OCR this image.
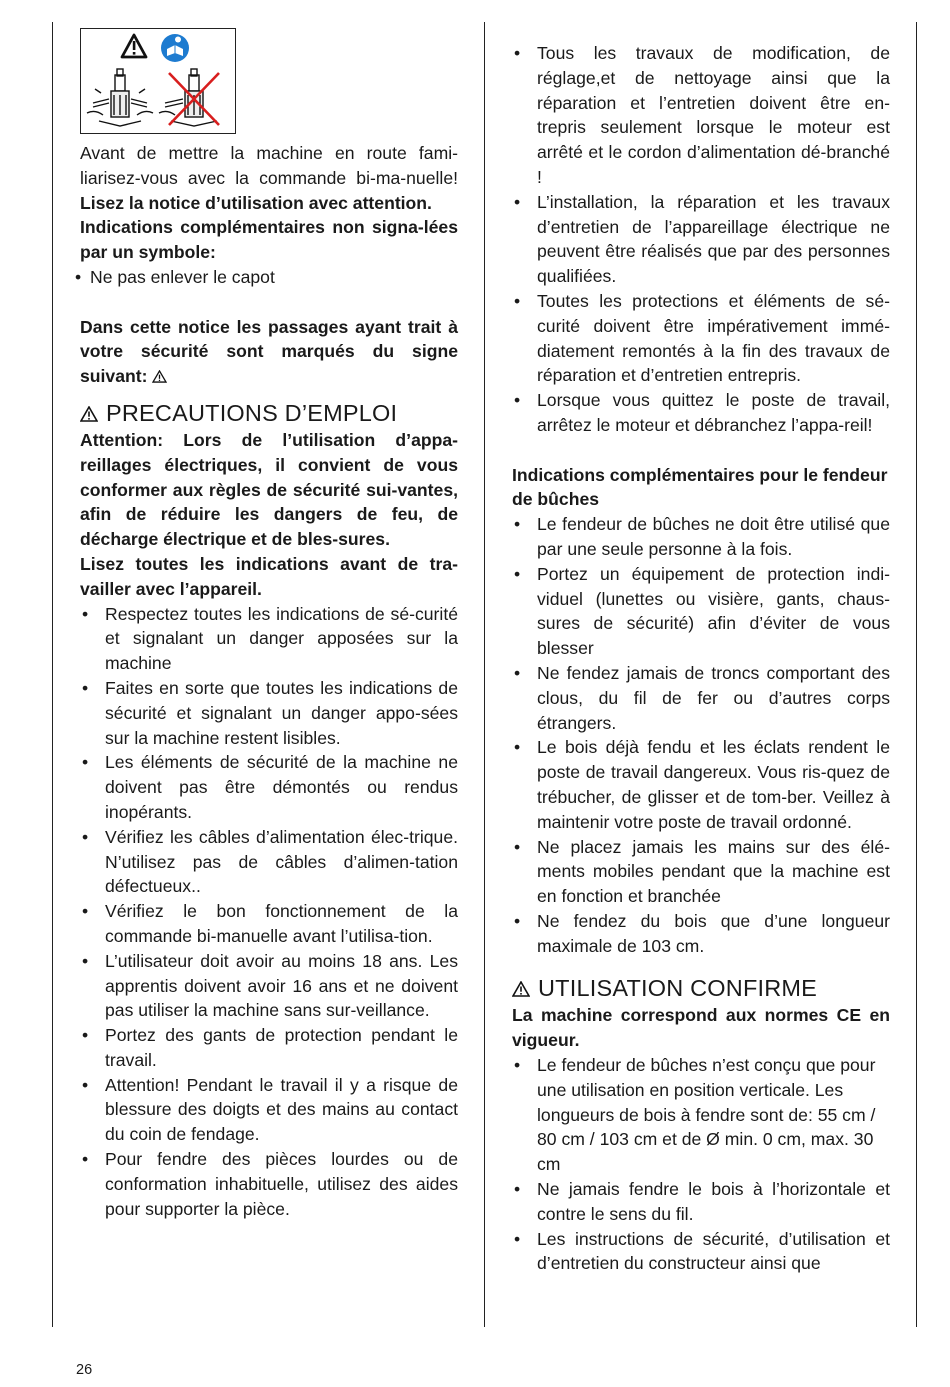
Avant de mettre la machine en route fami-liarisez-vous avec la commande bi-ma-nuelle! Lisez la notice d’utilisation avec attention.

Indications complémentaires non signa-lées par un symbole:

• Ne pas enlever le capot

Dans cette notice les passages ayant trait à votre sécurité sont marqués du signe suivant:

PRECAUTIONS D’EMPLOI

Attention: Lors de l’utilisation d’appa-reillages électriques, il convient de vous conformer aux règles de sécurité sui-vantes, afin de réduire les dangers de feu, de décharge électrique et de bles-sures.

Lisez toutes les indications avant de tra-vailler avec l’appareil.

• Respectez toutes les indications de sé-curité et signalant un danger apposées sur la machine
• Faites en sorte que toutes les indications de sécurité et signalant un danger appo-sées sur la machine restent lisibles.
• Les éléments de sécurité de la machine ne doivent pas être démontés ou rendus inopérants.
• Vérifiez les câbles d’alimentation élec-trique. N’utilisez pas de câbles d’alimen-tation défectueux..
• Vérifiez le bon fonctionnement de la commande bi-manuelle avant l’utilisa-tion.
• L’utilisateur doit avoir au moins 18 ans. Les apprentis doivent avoir 16 ans et ne doivent pas utiliser la machine sans sur-veillance.
• Portez des gants de protection pendant le travail.
• Attention! Pendant le travail il y a risque de blessure des doigts et des mains au contact du coin de fendage.
• Pour fendre des pièces lourdes ou de conformation inhabituelle, utilisez des aides pour supporter la pièce.
• Tous les travaux de modification, de réglage,et de nettoyage ainsi que la réparation et l’entretien doivent être en-trepris seulement lorsque le moteur est arrêté et le cordon d’alimentation dé-branché !
• L’installation, la réparation et les travaux d’entretien de l’appareillage électrique ne peuvent être réalisés que par des personnes qualifiées.
• Toutes les protections et éléments de sé-curité doivent être impérativement immé-diatement remontés à la fin des travaux de réparation et d’entretien entrepris.
• Lorsque vous quittez le poste de travail, arrêtez le moteur et débranchez l’appa-reil!

Indications complémentaires pour le fendeur de bûches

• Le fendeur de bûches ne doit être utilisé que par une seule personne à la fois.
• Portez un équipement de protection indi-viduel (lunettes ou visière, gants, chaus-sures de sécurité) afin d’éviter de vous blesser
• Ne fendez jamais de troncs comportant des clous, du fil de fer ou d’autres corps étrangers.
• Le bois déjà fendu et les éclats rendent le poste de travail dangereux. Vous ris-quez de trébucher, de glisser et de tom-ber. Veillez à maintenir votre poste de travail ordonné.
• Ne placez jamais les mains sur des élé-ments mobiles pendant que la machine est en fonction et branchée
• Ne fendez du bois que d’une longueur maximale de 103 cm.
UTILISATION CONFIRME

La machine correspond aux normes CE en vigueur.

• Le fendeur de bûches n’est conçu que pour une utilisation en position verticale. Les longueurs de bois à fendre sont de: 55 cm / 80 cm / 103 cm et de Ø min. 0 cm, max. 30 cm
• Ne jamais fendre le bois à l’horizontale et contre le sens du fil.
• Les instructions de sécurité, d’utilisation et d’entretien du constructeur ainsi que
26
